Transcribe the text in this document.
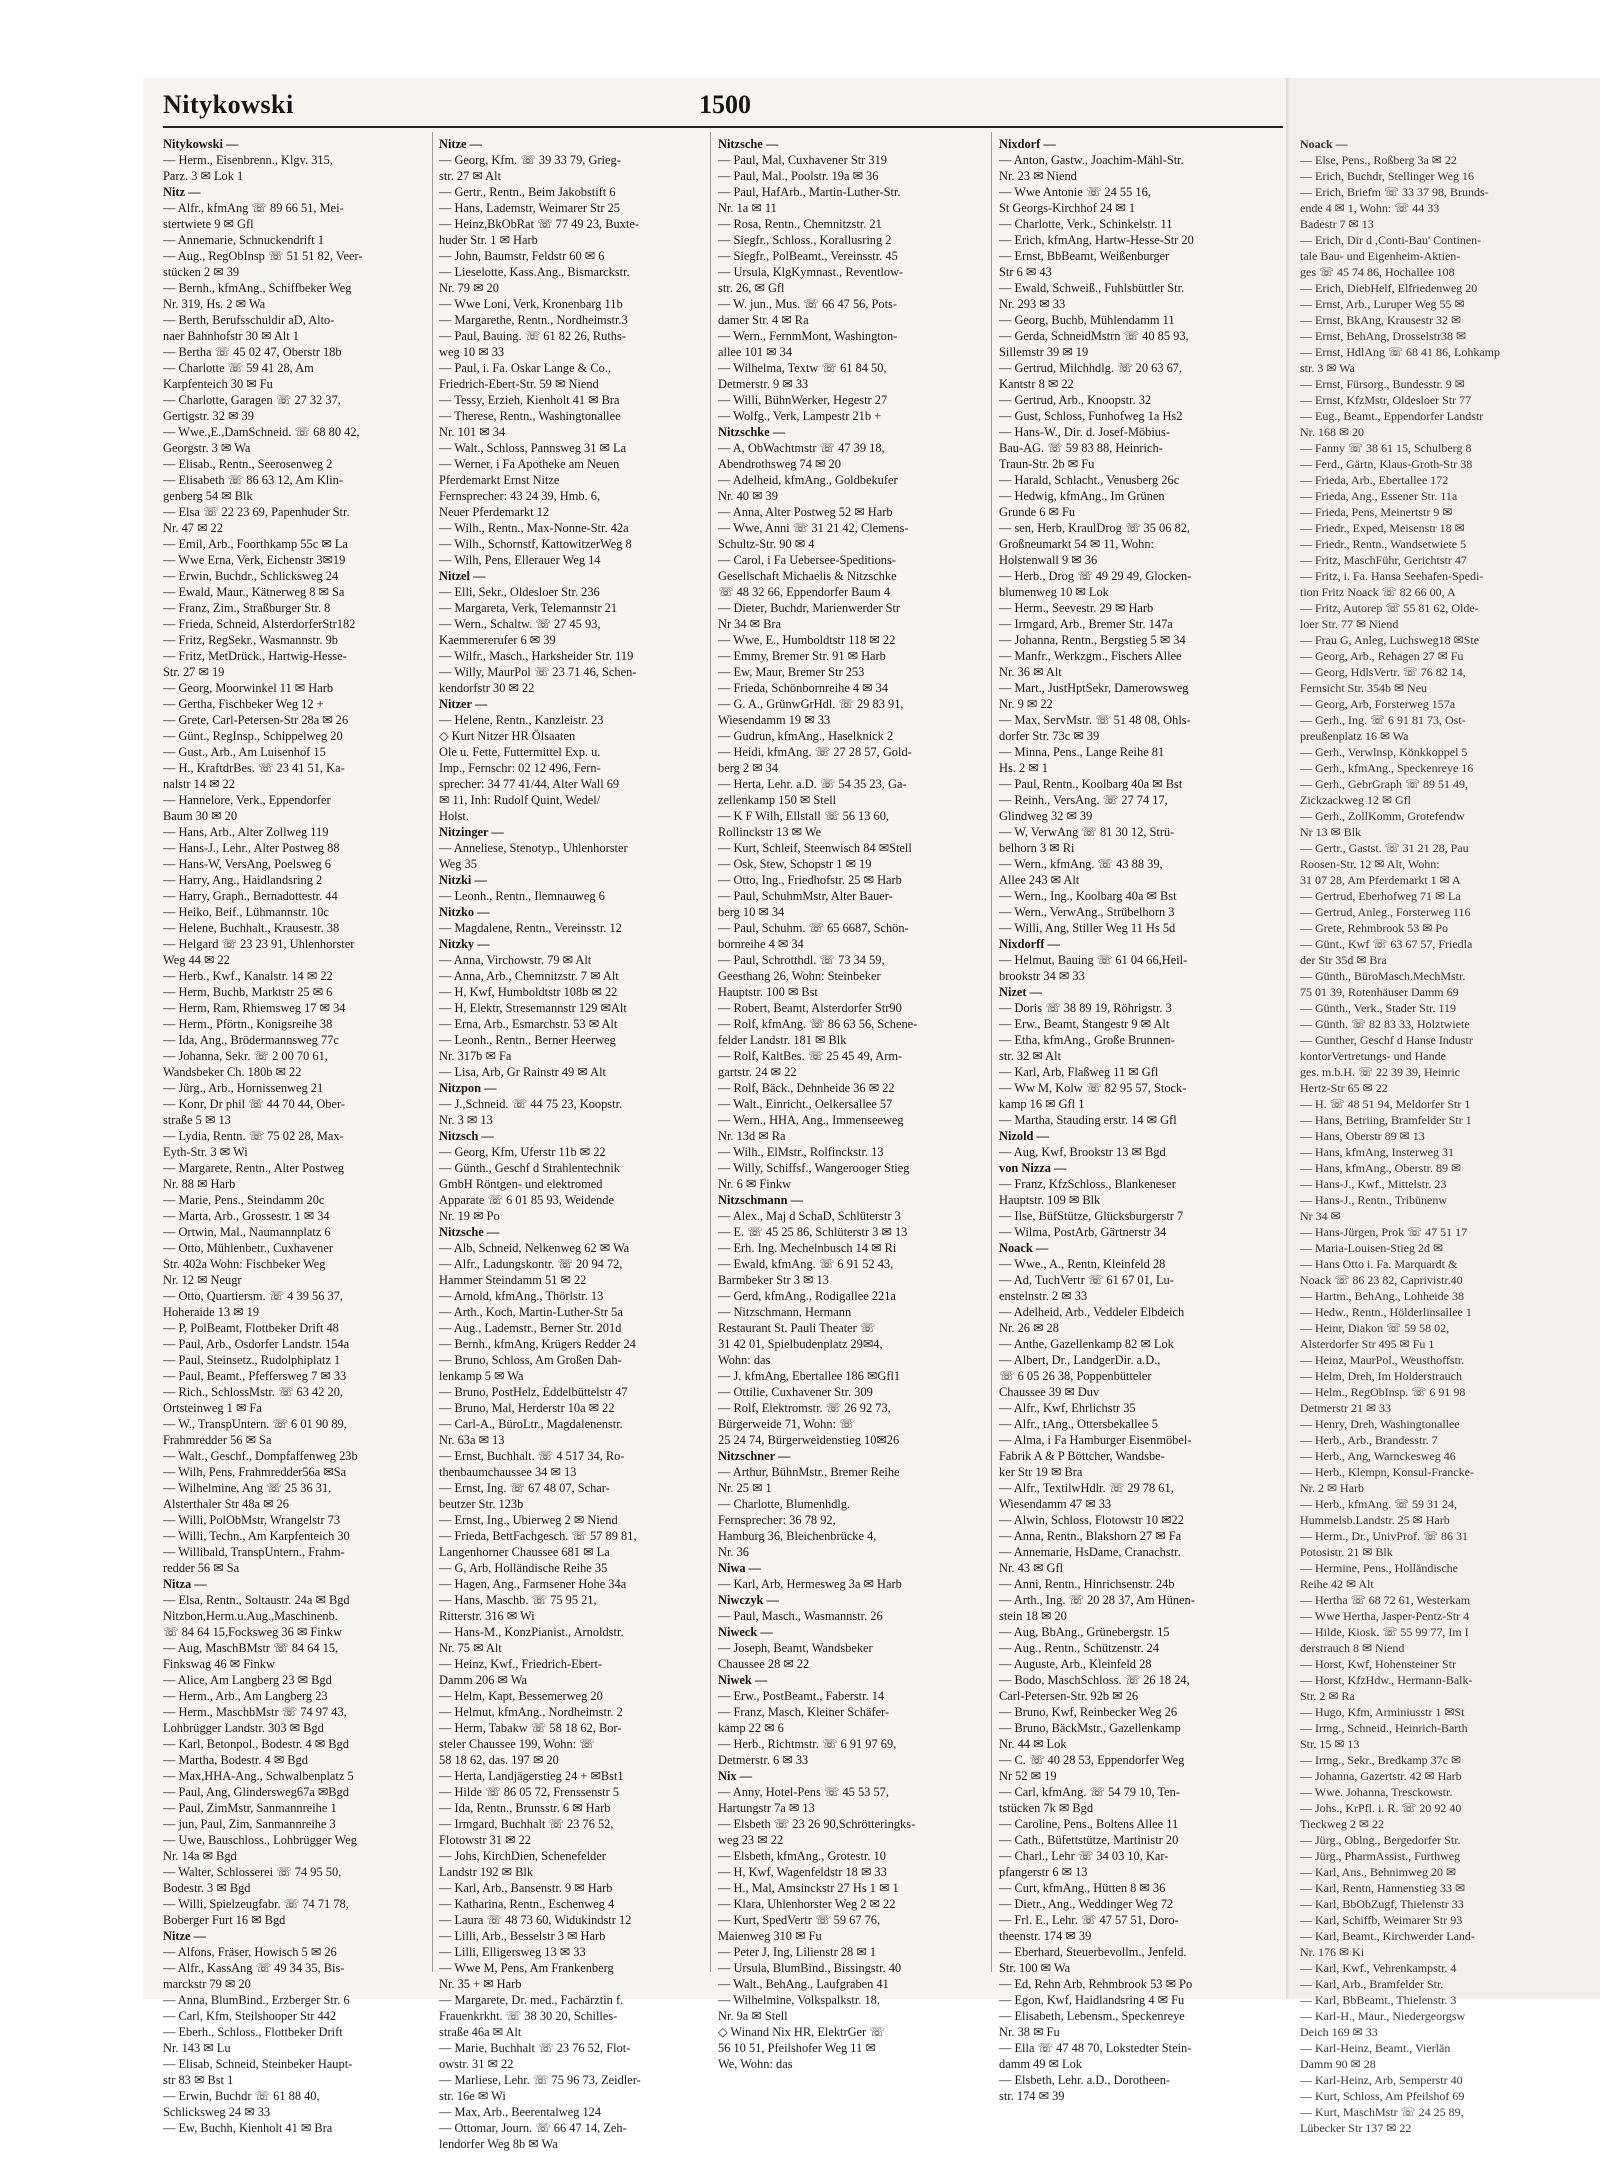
Nitykowski	1500
Nitykowski —
— Herm., Eisenbrenn., Klgv. 315,
Parz. 3 ✉ Lok 1
Nitz —
— Alfr., kfmAng ☏ 89 66 51, Mei-
stertwiete 9 ✉ Gfl
— Annemarie, Schnuckendrift 1
— Aug., RegObInsp ☏ 51 51 82, Veer-
stücken 2 ✉ 39
— Bernh., kfmAng., Schiffbeker Weg
Nr. 319, Hs. 2 ✉ Wa
— Berth, Berufsschuldir aD, Alto-
naer Bahnhofstr 30 ✉ Alt 1
— Bertha ☏ 45 02 47, Oberstr 18b
— Charlotte ☏ 59 41 28, Am
Karpfenteich 30 ✉ Fu
— Charlotte, Garagen ☏ 27 32 37,
Gertigstr. 32 ✉ 39
— Wwe.,E.,DamSchneid. ☏ 68 80 42,
Georgstr. 3 ✉ Wa
— Elisab., Rentn., Seerosenweg 2
— Elisabeth ☏ 86 63 12, Am Klin-
genberg 54 ✉ Blk
— Elsa ☏ 22 23 69, Papenhuder Str.
Nr. 47 ✉ 22
— Emil, Arb., Foorthkamp 55c ✉ La
— Wwe Erna, Verk, Eichenstr 3✉19
— Erwin, Buchdr., Schlicksweg 24
— Ewald, Maur., Kätnerweg 8 ✉ Sa
— Franz, Zim., Straßburger Str. 8
— Frieda, Schneid, AlsterdorferStr182
— Fritz, RegSekr., Wasmannstr. 9b
— Fritz, MetDrück., Hartwig-Hesse-
Str. 27 ✉ 19
— Georg, Moorwinkel 11 ✉ Harb
— Gertha, Fischbeker Weg 12 +
— Grete, Carl-Petersen-Str 28a ✉ 26
— Günt., RegInsp., Schippelweg 20
— Gust., Arb., Am Luisenhof 15
— H., KraftdrBes. ☏ 23 41 51, Ka-
nalstr 14 ✉ 22
— Hannelore, Verk., Eppendorfer
Baum 30 ✉ 20
— Hans, Arb., Alter Zollweg 119
— Hans-J., Lehr., Alter Postweg 88
— Hans-W, VersAng, Poelsweg 6
— Harry, Ang., Haidlandsring 2
— Harry, Graph., Bernadottestr. 44
— Heiko, Beif., Lühmannstr. 10c
— Helene, Buchhalt., Krausestr. 38
— Helgard ☏ 23 23 91, Uhlenhorster
Weg 44 ✉ 22
— Herb., Kwf., Kanalstr. 14 ✉ 22
— Herm, Buchb, Marktstr 25 ✉ 6
— Herm, Ram, Rhiemsweg 17 ✉ 34
— Herm., Pförtn., Konigsreihe 38
— Ida, Ang., Brödermannsweg 77c
— Johanna, Sekr. ☏ 2 00 70 61,
Wandsbeker Ch. 180b ✉ 22
— Jürg., Arb., Hornissenweg 21
— Konr, Dr phil ☏ 44 70 44, Ober-
straße 5 ✉ 13
— Lydia, Rentn. ☏ 75 02 28, Max-
Eyth-Str. 3 ✉ Wi
— Margarete, Rentn., Alter Postweg
Nr. 88 ✉ Harb
— Marie, Pens., Steindamm 20c
— Marta, Arb., Grossestr. 1 ✉ 34
— Ortwin, Mal., Naumannplatz 6
— Otto, Mühlenbetr., Cuxhavener
Str. 402a Wohn: Fischbeker Weg
Nr. 12 ✉ Neugr
— Otto, Quartiersm. ☏ 4 39 56 37,
Hoheraide 13 ✉ 19
— P, PolBeamt, Flottbeker Drift 48
— Paul, Arb., Osdorfer Landstr. 154a
— Paul, Steinsetz., Rudolphiplatz 1
— Paul, Beamt., Pfeffersweg 7 ✉ 33
— Rich., SchlossMstr. ☏ 63 42 20,
Ortsteinweg 1 ✉ Fa
— W., TranspUntern. ☏ 6 01 90 89,
Frahmredder 56 ✉ Sa
— Walt., Geschf., Dompfaffenweg 23b
— Wilh, Pens, Frahmredder56a ✉Sa
— Wilhelmine, Ang ☏ 25 36 31,
Alsterthaler Str 48a ✉ 26
— Willi, PolObMstr, Wrangelstr 73
— Willi, Techn., Am Karpfenteich 30
— Willibald, TranspUntern., Frahm-
redder 56 ✉ Sa
Nitza —
— Elsa, Rentn., Soltaustr. 24a ✉ Bgd
Nitzbon,Herm.u.Aug.,Maschinenb.
☏ 84 64 15,Focksweg 36 ✉ Finkw
— Aug, MaschBMstr ☏ 84 64 15,
Finkswag 46 ✉ Finkw
— Alice, Am Langberg 23 ✉ Bgd
— Herm., Arb., Am Langberg 23
— Herm., MaschbMstr ☏ 74 97 43,
Lohbrügger Landstr. 303 ✉ Bgd
— Karl, Betonpol., Bodestr. 4 ✉ Bgd
— Martha, Bodestr. 4 ✉ Bgd
— Max,HHA-Ang., Schwalbenplatz 5
— Paul, Ang, Glindersweg67a ✉Bgd
— Paul, ZimMstr, Sanmannreihe 1
— jun, Paul, Zim, Sanmannreihe 3
— Uwe, Bauschloss., Lohbrügger Weg
Nr. 14a ✉ Bgd
— Walter, Schlosserei ☏ 74 95 50,
Bodestr. 3 ✉ Bgd
— Willi, Spielzeugfabr. ☏ 74 71 78,
Boberger Furt 16 ✉ Bgd
Nitze —
— Alfons, Fräser, Howisch 5 ✉ 26
— Alfr., KassAng ☏ 49 34 35, Bis-
marckstr 79 ✉ 20
— Anna, BlumBind., Erzberger Str. 6
— Carl, Kfm, Steilshooper Str 442
— Eberh., Schloss., Flottbeker Drift
Nr. 143 ✉ Lu
— Elisab, Schneid, Steinbeker Haupt-
str 83 ✉ Bst 1
— Erwin, Buchdr ☏ 61 88 40,
Schlicksweg 24 ✉ 33
— Ew, Buchh, Kienholt 41 ✉ Bra
Nitze —
— Georg, Kfm. ☏ 39 33 79, Grieg-
str. 27 ✉ Alt
— Gertr., Rentn., Beim Jakobstift 6
— Hans, Lademstr, Weimarer Str 25
— Heinz,BkObRat ☏ 77 49 23, Buxte-
huder Str. 1 ✉ Harb
— John, Baumstr, Feldstr 60 ✉ 6
— Lieselotte, Kass.Ang., Bismarckstr.
Nr. 79 ✉ 20
— Wwe Loni, Verk, Kronenbarg 11b
— Margarethe, Rentn., Nordheimstr.3
— Paul, Bauing. ☏ 61 82 26, Ruths-
weg 10 ✉ 33
— Paul, i. Fa. Oskar Lange & Co.,
Friedrich-Ebert-Str. 59 ✉ Niend
— Tessy, Erzieh, Kienholt 41 ✉ Bra
— Therese, Rentn., Washingtonallee
Nr. 101 ✉ 34
— Walt., Schloss, Pannsweg 31 ✉ La
— Werner, i Fa Apotheke am Neuen
Pferdemarkt Ernst Nitze
Fernsprecher: 43 24 39, Hmb. 6,
Neuer Pferdemarkt 12
— Wilh., Rentn., Max-Nonne-Str. 42a
— Wilh., Schornstf, KattowitzerWeg 8
— Wilh, Pens, Ellerauer Weg 14
Nitzel —
— Elli, Sekr., Oldesloer Str. 236
— Margareta, Verk, Telemannstr 21
— Wern., Schaltw. ☏ 27 45 93,
Kaemmererufer 6 ✉ 39
— Wilfr., Masch., Harksheider Str. 119
— Willy, MaurPol ☏ 23 71 46, Schen-
kendorfstr 30 ✉ 22
Nitzer —
— Helene, Rentn., Kanzleistr. 23
◇ Kurt Nitzer HR Ölsaaten
Ole u. Fette, Futtermittel Exp. u.
Imp., Fernschr: 02 12 496, Fern-
sprecher: 34 77 41/44, Alter Wall 69
✉ 11, Inh: Rudolf Quint, Wedel/
Holst.
Nitzinger —
— Anneliese, Stenotyp., Uhlenhorster
Weg 35
Nitzki —
— Leonh., Rentn., Ilemnauweg 6
Nitzko —
— Magdalene, Rentn., Vereinsstr. 12
Nitzky —
— Anna, Virchowstr. 79 ✉ Alt
— Anna, Arb., Chemnitzstr. 7 ✉ Alt
— H, Kwf, Humboldtstr 108b ✉ 22
— H, Elektr, Stresemannstr 129 ✉Alt
— Erna, Arb., Esmarchstr. 53 ✉ Alt
— Leonh., Rentn., Berner Heerweg
Nr. 317b ✉ Fa
— Lisa, Arb, Gr Rainstr 49 ✉ Alt
Nitzpon —
— J.,Schneid. ☏ 44 75 23, Koopstr.
Nr. 3 ✉ 13
Nitzsch —
— Georg, Kfm, Uferstr 11b ✉ 22
— Günth., Geschf d Strahlentechnik
GmbH Röntgen- und elektromed
Apparate ☏ 6 01 85 93, Weidende
Nr. 19 ✉ Po
Nitzsche —
— Alb, Schneid, Nelkenweg 62 ✉ Wa
— Alfr., Ladungskontr. ☏ 20 94 72,
Hammer Steindamm 51 ✉ 22
— Arnold, kfmAng., Thörlstr. 13
— Arth., Koch, Martin-Luther-Str 5a
— Aug., Lademstr., Berner Str. 201d
— Bernh., kfmAng, Krügers Redder 24
— Bruno, Schloss, Am Großen Dah-
lenkamp 5 ✉ Wa
— Bruno, PostHelz, Eddelbüttelstr 47
— Bruno, Mal, Herderstr 10a ✉ 22
— Carl-A., BüroLtr., Magdalenenstr.
Nr. 63a ✉ 13
— Ernst, Buchhalt. ☏ 4 517 34, Ro-
thenbaumchaussee 34 ✉ 13
— Ernst, Ing. ☏ 67 48 07, Schar-
beutzer Str. 123b
— Ernst, Ing., Ubierweg 2 ✉ Niend
— Frieda, BettFachgesch. ☏ 57 89 81,
Langenhorner Chaussee 681 ✉ La
— G, Arb, Holländische Reihe 35
— Hagen, Ang., Farmsener Hohe 34a
— Hans, Maschb. ☏ 75 95 21,
Ritterstr. 316 ✉ Wi
— Hans-M., KonzPianist., Arnoldstr.
Nr. 75 ✉ Alt
— Heinz, Kwf., Friedrich-Ebert-
Damm 206 ✉ Wa
— Helm, Kapt, Bessemerweg 20
— Helmut, kfmAng., Nordheimstr. 2
— Herm, Tabakw ☏ 58 18 62, Bor-
steler Chaussee 199, Wohn: ☏
58 18 62, das. 197 ✉ 20
— Herta, Landjägerstieg 24 + ✉Bst1
— Hilde ☏ 86 05 72, Frenssenstr 5
— Ida, Rentn., Brunsstr. 6 ✉ Harb
— Irmgard, Buchhalt ☏ 23 76 52,
Flotowstr 31 ✉ 22
— Johs, KirchDien, Schenefelder
Landstr 192 ✉ Blk
— Karl, Arb., Bansenstr. 9 ✉ Harb
— Katharina, Rentn., Eschenweg 4
— Laura ☏ 48 73 60, Widukindstr 12
— Lilli, Arb., Besselstr 3 ✉ Harb
— Lilli, Elligersweg 13 ✉ 33
— Wwe M, Pens, Am Frankenberg
Nr. 35 + ✉ Harb
— Margarete, Dr. med., Fachärztin f.
Frauenkrkht. ☏ 38 30 20, Schilles-
straße 46a ✉ Alt
— Marie, Buchhalt ☏ 23 76 52, Flot-
owstr. 31 ✉ 22
— Marliese, Lehr. ☏ 75 96 73, Zeidler-
str. 16e ✉ Wi
— Max, Arb., Beerentalweg 124
— Ottomar, Journ. ☏ 66 47 14, Zeh-
lendorfer Weg 8b ✉ Wa
Nitzsche —
— Paul, Mal, Cuxhavener Str 319
— Paul, Mal., Poolstr. 19a ✉ 36
— Paul, HafArb., Martin-Luther-Str.
Nr. 1a ✉ 11
— Rosa, Rentn., Chemnitzstr. 21
— Siegfr., Schloss., Korallusring 2
— Siegfr., PolBeamt., Vereinsstr. 45
— Ursula, KlgKymnast., Reventlow-
str. 26, ✉ Gfl
— W. jun., Mus. ☏ 66 47 56, Pots-
damer Str. 4 ✉ Ra
— Wern., FernmMont, Washington-
allee 101 ✉ 34
— Wilhelma, Textw ☏ 61 84 50,
Detmerstr. 9 ✉ 33
— Willi, BühnWerker, Hegestr 27
— Wolfg., Verk, Lampestr 21b +
Nitzschke —
— A, ObWachtmstr ☏ 47 39 18,
Abendrothsweg 74 ✉ 20
— Adelheid, kfmAng., Goldbekufer
Nr. 40 ✉ 39
— Anna, Alter Postweg 52 ✉ Harb
— Wwe, Anni ☏ 31 21 42, Clemens-
Schultz-Str. 90 ✉ 4
— Carol, i Fa Uebersee-Speditions-
Gesellschaft Michaelis & Nitzschke
☏ 48 32 66, Eppendorfer Baum 4
— Dieter, Buchdr, Marienwerder Str
Nr 34 ✉ Bra
— Wwe, E., Humboldtstr 118 ✉ 22
— Emmy, Bremer Str. 91 ✉ Harb
— Ew, Maur, Bremer Str 253
— Frieda, Schönbornreihe 4 ✉ 34
— G. A., GrünwGrHdl. ☏ 29 83 91,
Wiesendamm 19 ✉ 33
— Gudrun, kfmAng., Haselknick 2
— Heidi, kfmAng. ☏ 27 28 57, Gold-
berg 2 ✉ 34
— Herta, Lehr. a.D. ☏ 54 35 23, Ga-
zellenkamp 150 ✉ Stell
— K F Wilh, Ellstall ☏ 56 13 60,
Rollinckstr 13 ✉ We
— Kurt, Schleif, Steenwisch 84 ✉Stell
— Osk, Stew, Schopstr 1 ✉ 19
— Otto, Ing., Friedhofstr. 25 ✉ Harb
— Paul, SchuhmMstr, Alter Bauer-
berg 10 ✉ 34
— Paul, Schuhm. ☏ 65 6687, Schön-
bornreihe 4 ✉ 34
— Paul, Schrotthdl. ☏ 73 34 59,
Geesthang 26, Wohn: Steinbeker
Hauptstr. 100 ✉ Bst
— Robert, Beamt, Alsterdorfer Str90
— Rolf, kfmAng. ☏ 86 63 56, Schene-
felder Landstr. 181 ✉ Blk
— Rolf, KaltBes. ☏ 25 45 49, Arm-
gartstr. 24 ✉ 22
— Rolf, Bäck., Dehnheide 36 ✉ 22
— Walt., Einricht., Oelkersallee 57
— Wern., HHA, Ang., Immenseeweg
Nr. 13d ✉ Ra
— Wilh., ElMstr., Rolfinckstr. 13
— Willy, Schiffsf., Wangerooger Stieg
Nr. 6 ✉ Finkw
Nitzschmann —
— Alex., Maj d SchaD, Schlüterstr 3
— E. ☏ 45 25 86, Schlüterstr 3 ✉ 13
— Erh. Ing. Mechelnbusch 14 ✉ Ri
— Ewald, kfmAng. ☏ 6 91 52 43,
Barmbeker Str 3 ✉ 13
— Gerd, kfmAng., Rodigallee 221a
— Nitzschmann, Hermann
Restaurant St. Pauli Theater ☏
31 42 01, Spielbudenplatz 29✉4,
Wohn: das
— J. kfmAng, Ebertallee 186 ✉Gfl1
— Ottilie, Cuxhavener Str. 309
— Rolf, Elektromstr. ☏ 26 92 73,
Bürgerweide 71, Wohn: ☏
25 24 74, Bürgerweidenstieg 10✉26
Nitzschner —
— Arthur, BühnMstr., Bremer Reihe
Nr. 25 ✉ 1
— Charlotte, Blumenhdlg.
Fernsprecher: 36 78 92,
Hamburg 36, Bleichenbrücke 4,
Nr. 36
Niwa —
— Karl, Arb, Hermesweg 3a ✉ Harb
Niwczyk —
— Paul, Masch., Wasmannstr. 26
Niweck —
— Joseph, Beamt, Wandsbeker
Chaussee 28 ✉ 22
Niwek —
— Erw., PostBeamt., Faberstr. 14
— Franz, Masch, Kleiner Schäfer-
kamp 22 ✉ 6
— Herb., Richtmstr. ☏ 6 91 97 69,
Detmerstr. 6 ✉ 33
Nix —
— Anny, Hotel-Pens ☏ 45 53 57,
Hartungstr 7a ✉ 13
— Elsbeth ☏ 23 26 90,Schrötteringks-
weg 23 ✉ 22
— Elsbeth, kfmAng., Grotestr. 10
— H, Kwf, Wagenfeldstr 18 ✉ 33
— H., Mal, Amsinckstr 27 Hs 1 ✉ 1
— Klara, Uhlenhorster Weg 2 ✉ 22
— Kurt, SpedVertr ☏ 59 67 76,
Maienweg 310 ✉ Fu
— Peter J, Ing, Lilienstr 28 ✉ 1
— Ursula, BlumBind., Bissingstr. 40
— Walt., BehAng., Laufgraben 41
— Wilhelmine, Volkspalkstr. 18,
Nr. 9a ✉ Stell
◇ Winand Nix HR, ElektrGer ☏
56 10 51, Pfeilshofer Weg 11 ✉
We, Wohn: das
Nixdorf —
— Anton, Gastw., Joachim-Mähl-Str.
Nr. 23 ✉ Niend
— Wwe Antonie ☏ 24 55 16,
St Georgs-Kirchhof 24 ✉ 1
— Charlotte, Verk., Schinkelstr. 11
— Erich, kfmAng, Hartw-Hesse-Str 20
— Ernst, BbBeamt, Weißenburger
Str 6 ✉ 43
— Ewald, Schweiß., Fuhlsbüttler Str.
Nr. 293 ✉ 33
— Georg, Buchb, Mühlendamm 11
— Gerda, SchneidMstrn ☏ 40 85 93,
Sillemstr 39 ✉ 19
— Gertrud, Milchhdlg. ☏ 20 63 67,
Kantstr 8 ✉ 22
— Gertrud, Arb., Knoopstr. 32
— Gust, Schloss, Funhofweg 1a Hs2
— Hans-W., Dir. d. Josef-Möbius-
Bau-AG. ☏ 59 83 88, Heinrich-
Traun-Str. 2b ✉ Fu
— Harald, Schlacht., Venusberg 26c
— Hedwig, kfmAng., Im Grünen
Grunde 6 ✉ Fu
— sen, Herb, KraulDrog ☏ 35 06 82,
Großneumarkt 54 ✉ 11, Wohn:
Holstenwall 9 ✉ 36
— Herb., Drog ☏ 49 29 49, Glocken-
blumenweg 10 ✉ Lok
— Herm., Seevestr. 29 ✉ Harb
— Irmgard, Arb., Bremer Str. 147a
— Johanna, Rentn., Bergstieg 5 ✉ 34
— Manfr., Werkzgm., Fischers Allee
Nr. 36 ✉ Alt
— Mart., JustHptSekr, Damerowsweg
Nr. 9 ✉ 22
— Max, ServMstr. ☏ 51 48 08, Ohls-
dorfer Str. 73c ✉ 39
— Minna, Pens., Lange Reihe 81
Hs. 2 ✉ 1
— Paul, Rentn., Koolbarg 40a ✉ Bst
— Reinh., VersAng. ☏ 27 74 17,
Glindweg 32 ✉ 39
— W, VerwAng ☏ 81 30 12, Strü-
belhorn 3 ✉ Ri
— Wern., kfmAng. ☏ 43 88 39,
Allee 243 ✉ Alt
— Wern., Ing., Koolbarg 40a ✉ Bst
— Wern., VerwAng., Strübelhorn 3
— Willi, Ang, Stiller Weg 11 Hs 5d
Nixdorff —
— Helmut, Bauing ☏ 61 04 66,Heil-
brookstr 34 ✉ 33
Nizet —
— Doris ☏ 38 89 19, Röhrigstr. 3
— Erw., Beamt, Stangestr 9 ✉ Alt
— Etha, kfmAng., Große Brunnen-
str. 32 ✉ Alt
— Karl, Arb, Flaßweg 11 ✉ Gfl
— Ww M, Kolw ☏ 82 95 57, Stock-
kamp 16 ✉ Gfl 1
— Martha, Stauding erstr. 14 ✉ Gfl
Nizold —
— Aug, Kwf, Brookstr 13 ✉ Bgd
von Nizza —
— Franz, KfzSchloss., Blankeneser
Hauptstr. 109 ✉ Blk
— Ilse, BüfStütze, Glücksburgerstr 7
— Wilma, PostArb, Gärtnerstr 34
Noack —
— Wwe., A., Rentn, Kleinfeld 28
— Ad, TuchVertr ☏ 61 67 01, Lu-
enstelnstr. 2 ✉ 33
— Adelheid, Arb., Veddeler Elbdeich
Nr. 26 ✉ 28
— Anthe, Gazellenkamp 82 ✉ Lok
— Albert, Dr., LandgerDir. a.D.,
☏ 6 05 26 38, Poppenbütteler
Chaussee 39 ✉ Duv
— Alfr., Kwf, Ehrlichstr 35
— Alfr., tAng., Ottersbekallee 5
— Alma, i Fa Hamburger Eisenmöbel-
Fabrik A & P Böttcher, Wandsbe-
ker Str 19 ✉ Bra
— Alfr., TextilwHdlr. ☏ 29 78 61,
Wiesendamm 47 ✉ 33
— Alwin, Schloss, Flotowstr 10 ✉22
— Anna, Rentn., Blakshorn 27 ✉ Fa
— Annemarie, HsDame, Cranachstr.
Nr. 43 ✉ Gfl
— Anni, Rentn., Hinrichsenstr. 24b
— Arth., Ing. ☏ 20 28 37, Am Hünen-
stein 18 ✉ 20
— Aug, BbAng., Grünebergstr. 15
— Aug., Rentn., Schützenstr. 24
— Auguste, Arb., Kleinfeld 28
— Bodo, MaschSchloss. ☏ 26 18 24,
Carl-Petersen-Str. 92b ✉ 26
— Bruno, Kwf, Reinbecker Weg 26
— Bruno, BäckMstr., Gazellenkamp
Nr. 44 ✉ Lok
— C. ☏ 40 28 53, Eppendorfer Weg
Nr 52 ✉ 19
— Carl, kfmAng. ☏ 54 79 10, Ten-
tstücken 7k ✉ Bgd
— Caroline, Pens., Boltens Allee 11
— Cath., Büfettstütze, Martinistr 20
— Charl., Lehr ☏ 34 03 10, Kar-
pfangerstr 6 ✉ 13
— Curt, kfmAng., Hütten 8 ✉ 36
— Dietr., Ang., Weddinger Weg 72
— Frl. E., Lehr. ☏ 47 57 51, Doro-
theenstr. 174 ✉ 39
— Eberhard, Steuerbevollm., Jenfeld.
Str. 100 ✉ Wa
— Ed, Rehn Arb, Rehmbrook 53 ✉ Po
— Egon, Kwf, Haidlandsring 4 ✉ Fu
— Elisabeth, Lebensm., Speckenreye
Nr. 38 ✉ Fu
— Ella ☏ 47 48 70, Lokstedter Stein-
damm 49 ✉ Lok
— Elsbeth, Lehr. a.D., Dorotheen-
str. 174 ✉ 39
Noack —
— Else, Pens., Roßberg 3a ✉ 22
— Erich, Buchdr, Stellinger Weg 16
— Erich, Briefm ☏ 33 37 98, Brunds-
ende 4 ✉ 1, Wohn: ☏ 44 33
Badestr 7 ✉ 13
— Erich, Dir d ,Conti-Bau' Continen-
tale Bau- und Eigenheim-Aktien-
ges ☏ 45 74 86, Hochallee 108
— Erich, DiebHelf, Elfriedenweg 20
— Ernst, Arb., Luruper Weg 55 ✉
— Ernst, BkAng, Krausestr 32 ✉
— Ernst, BehAng, Drosselstr38 ✉
— Ernst, HdlAng ☏ 68 41 86, Lohkamp
str. 3 ✉ Wa
— Ernst, Fürsorg., Bundesstr. 9 ✉
— Ernst, KfzMstr, Oldesloer Str 77
— Eug., Beamt., Eppendorfer Landstr
Nr. 168 ✉ 20
— Fanny ☏ 38 61 15, Schulberg 8
— Ferd., Gärtn, Klaus-Groth-Str 38
— Frieda, Arb., Ebertallee 172
— Frieda, Ang., Essener Str. 11a
— Frieda, Pens, Meinertstr 9 ✉
— Friedr., Exped, Meisenstr 18 ✉
— Friedr., Rentn., Wandsetwiete 5
— Fritz, MaschFühr, Gerichtstr 47
— Fritz, i. Fa. Hansa Seehafen-Spedi-
tion Fritz Noack ☏ 82 66 00, A
— Fritz, Autorep ☏ 55 81 62, Olde-
loer Str. 77 ✉ Niend
— Frau G, Anleg, Luchsweg18 ✉Ste
— Georg, Arb., Rehagen 27 ✉ Fu
— Georg, HdlsVertr. ☏ 76 82 14,
Fernsicht Str. 354b ✉ Neu
— Georg, Arb, Forsterweg 157a
— Gerh., Ing. ☏ 6 91 81 73, Ost-
preußenplatz 16 ✉ Wa
— Gerh., Verwlnsp, Könkkoppel 5
— Gerh., kfmAng., Speckenreye 16
— Gerh., GebrGraph ☏ 89 51 49,
Zickzackweg 12 ✉ Gfl
— Gerh., ZollKomm, Grotefendw
Nr 13 ✉ Blk
— Gertr., Gastst. ☏ 31 21 28, Pau
Roosen-Str. 12 ✉ Alt, Wohn:
31 07 28, Am Pferdemarkt 1 ✉ A
— Gertrud, Eberhofweg 71 ✉ La
— Gertrud, Anleg., Forsterweg 116
— Grete, Rehmbrook 53 ✉ Po
— Günt., Kwf ☏ 63 67 57, Friedla
der Str 35d ✉ Bra
— Günth., BüroMasch.MechMstr.
75 01 39, Rotenhäuser Damm 69
— Günth., Verk., Stader Str. 119
— Günth. ☏ 82 83 33, Holztwiete
— Gunther, Geschf d Hanse Industr
kontorVertretungs- und Hande
ges. m.b.H. ☏ 22 39 39, Heinric
Hertz-Str 65 ✉ 22
— H. ☏ 48 51 94, Meldorfer Str 1
— Hans, Betriing, Bramfelder Str 1
— Hans, Oberstr 89 ✉ 13
— Hans, kfmAng, Insterweg 31
— Hans, kfmAng., Oberstr. 89 ✉
— Hans-J., Kwf., Mittelstr. 23
— Hans-J., Rentn., Tribünenw
Nr 34 ✉
— Hans-Jürgen, Prok ☏ 47 51 17
— Maria-Louisen-Stieg 2d ✉
— Hans Otto i. Fa. Marquardt &
Noack ☏ 86 23 82, Caprivistr.40
— Hartm., BehAng., Lohheide 38
— Hedw., Rentn., Hölderlinsallee 1
— Heinr, Diakon ☏ 59 58 02,
Alsterdorfer Str 495 ✉ Fu 1
— Heinz, MaurPol., Weusthoffstr.
— Helm, Dreh, Im Holderstrauch
— Helm., RegObInsp. ☏ 6 91 98
Detmerstr 21 ✉ 33
— Henry, Dreh, Washingtonallee
— Herb., Arb., Brandesstr. 7
— Herb., Ang, Warnckesweg 46
— Herb., Klempn, Konsul-Francke-
Nr. 2 ✉ Harb
— Herb., kfmAng. ☏ 59 31 24,
Hummelsb.Landstr. 25 ✉ Harb
— Herm., Dr., UnivProf. ☏ 86 31
Potosistr. 21 ✉ Blk
— Hermine, Pens., Holländische
Reihe 42 ✉ Alt
— Hertha ☏ 68 72 61, Westerkam
— Wwe Hertha, Jasper-Pentz-Str 4
— Hilde, Kiosk. ☏ 55 99 77, Im I
derstrauch 8 ✉ Niend
— Horst, Kwf, Hohensteiner Str
— Horst, KfzHdw., Hermann-Balk-
Str. 2 ✉ Ra
— Hugo, Kfm, Arminiusstr 1 ✉St
— Irmg., Schneid., Heinrich-Barth
Str. 15 ✉ 13
— Irmg., Sekr., Bredkamp 37c ✉
— Johanna, Gazertstr. 42 ✉ Harb
— Wwe. Johanna, Tresckowstr.
— Johs., KrPfl. i. R. ☏ 20 92 40
Tieckweg 2 ✉ 22
— Jürg., Oblng., Bergedorfer Str.
— Jürg., PharmAssist., Furthweg
— Karl, Ans., Behnimweg 20 ✉
— Karl, Rentn, Hannenstieg 33 ✉
— Karl, BbObZugf, Thielenstr 33
— Karl, Schiffb, Weimarer Str 93
— Karl, Beamt., Kirchwerder Land-
Nr. 176 ✉ Ki
— Karl, Kwf., Vehrenkampstr. 4
— Karl, Arb., Bramfelder Str.
— Karl, BbBeamt., Thielenstr. 3
— Karl-H., Maur., Niedergeorgsw
Deich 169 ✉ 33
— Karl-Heinz, Beamt., Vierlän
Damm 90 ✉ 28
— Karl-Heinz, Arb, Semperstr 40
— Kurt, Schloss, Am Pfeilshof 69
— Kurt, MaschMstr ☏ 24 25 89,
Lübecker Str 137 ✉ 22
